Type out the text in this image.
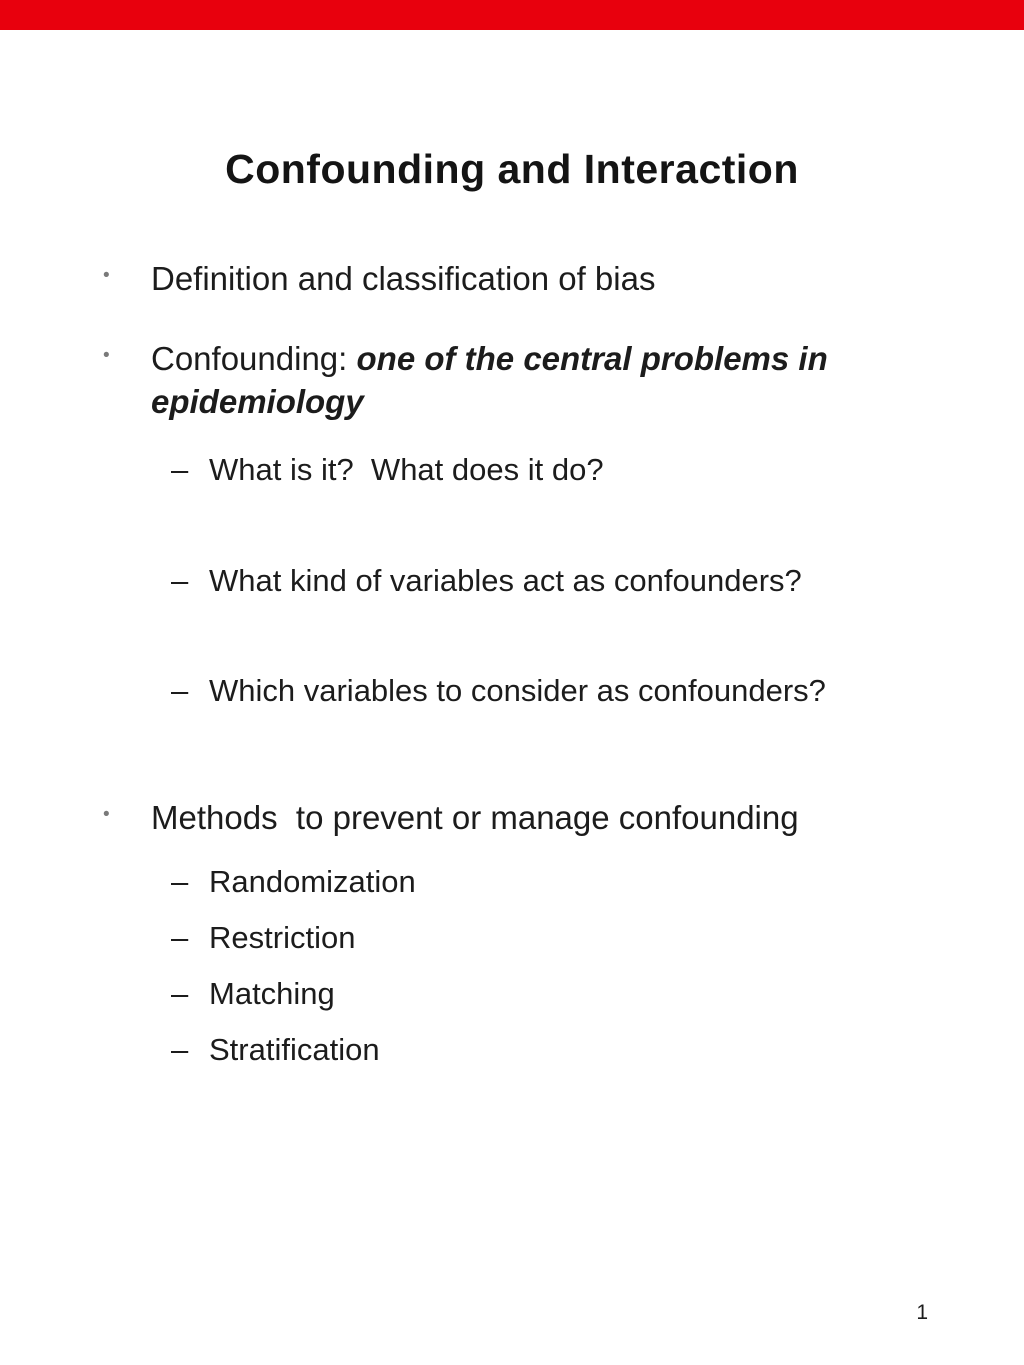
Confounding and Interaction
•	Definition and classification of bias
•	Confounding: one of the central problems in epidemiology
– What is it?  What does it do?
– What kind of variables act as confounders?
– Which variables to consider as confounders?
•	Methods  to prevent or manage confounding
– Randomization
– Restriction
– Matching
– Stratification
1
